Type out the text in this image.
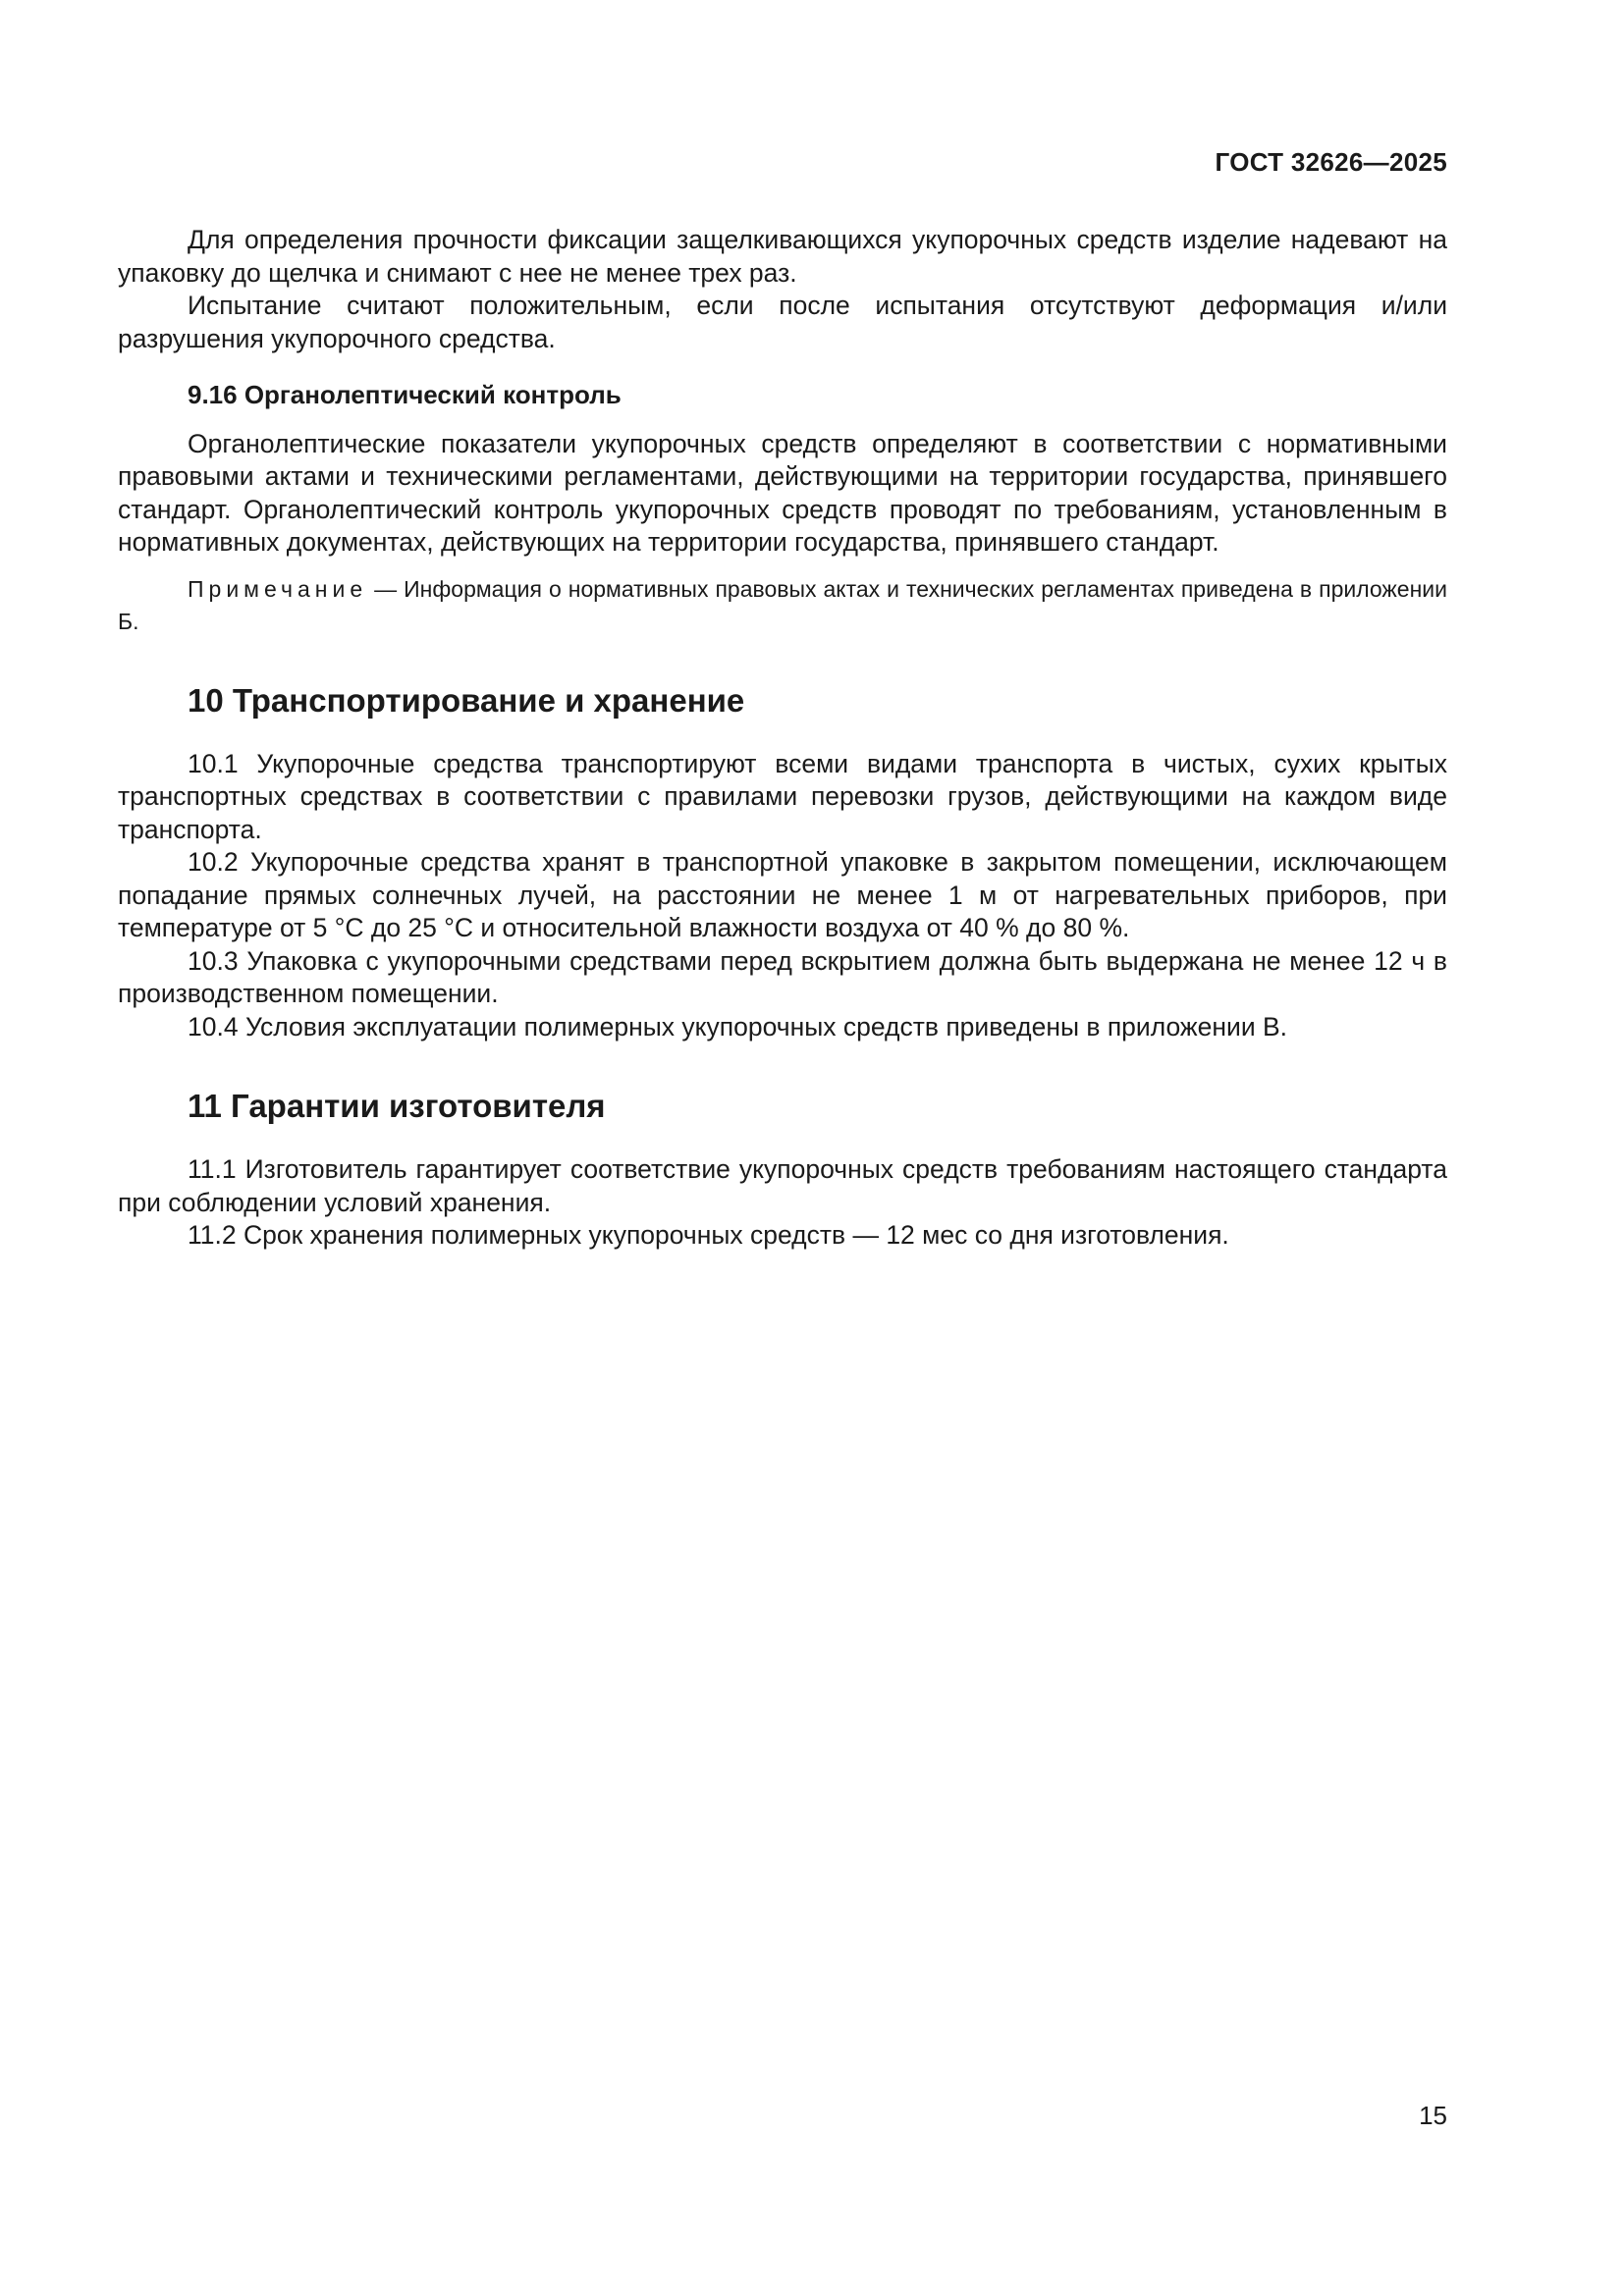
ГОСТ 32626—2025

Для определения прочности фиксации защелкивающихся укупорочных средств изделие надевают на упаковку до щелчка и снимают с нее не менее трех раз.

Испытание считают положительным, если после испытания отсутствуют деформация и/или разрушения укупорочного средства.

9.16 Органолептический контроль

Органолептические показатели укупорочных средств определяют в соответствии с нормативными правовыми актами и техническими регламентами, действующими на территории государства, принявшего стандарт. Органолептический контроль укупорочных средств проводят по требованиям, установленным в нормативных документах, действующих на территории государства, принявшего стандарт.

Примечание — Информация о нормативных правовых актах и технических регламентах приведена в приложении Б.

10 Транспортирование и хранение

10.1 Укупорочные средства транспортируют всеми видами транспорта в чистых, сухих крытых транспортных средствах в соответствии с правилами перевозки грузов, действующими на каждом виде транспорта.

10.2 Укупорочные средства хранят в транспортной упаковке в закрытом помещении, исключающем попадание прямых солнечных лучей, на расстоянии не менее 1 м от нагревательных приборов, при температуре от 5 °С до 25 °С и относительной влажности воздуха от 40 % до 80 %.

10.3 Упаковка с укупорочными средствами перед вскрытием должна быть выдержана не менее 12 ч в производственном помещении.

10.4 Условия эксплуатации полимерных укупорочных средств приведены в приложении В.

11 Гарантии изготовителя

11.1 Изготовитель гарантирует соответствие укупорочных средств требованиям настоящего стандарта при соблюдении условий хранения.

11.2 Срок хранения полимерных укупорочных средств — 12 мес со дня изготовления.

15
